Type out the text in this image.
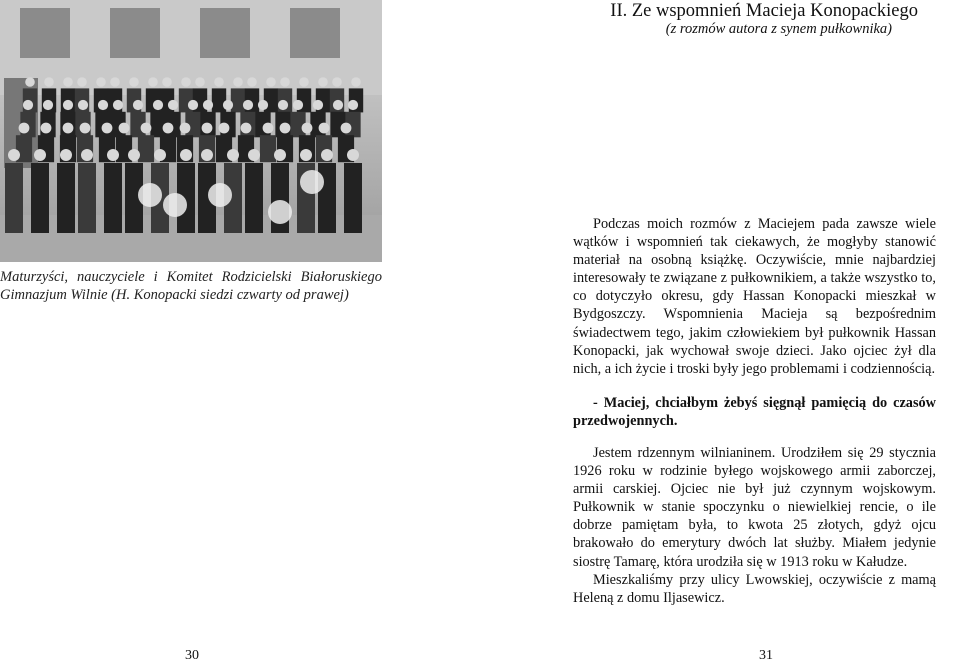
Maturzyści, nauczyciele i Komitet Rodzicielski Białoruskiego Gimnazjum Wilnie (H. Konopacki siedzi czwarty od prawej)
30
II. Ze wspomnień Macieja Konopackiego
(z rozmów autora z synem pułkownika)

Podczas moich rozmów z Maciejem pada zawsze wiele wątków i wspomnień tak ciekawych, że mogłyby stanowić materiał na osobną książkę. Oczywiście, mnie najbardziej interesowały te związane z pułkownikiem, a także wszystko to, co dotyczyło okresu, gdy Hassan Konopacki mieszkał w Bydgoszczy. Wspomnienia Macieja są bezpośrednim świadectwem tego, jakim człowiekiem był pułkownik Hassan Konopacki, jak wychował swoje dzieci. Jako ojciec żył dla nich, a ich życie i troski były jego problemami i codziennością.

- Maciej, chciałbym żebyś sięgnął pamięcią do czasów przedwojennych.

Jestem rdzennym wilnianinem. Urodziłem się 29 stycznia 1926 roku w rodzinie byłego wojskowego armii zaborczej, armii carskiej. Ojciec nie był już czynnym wojskowym. Pułkownik w stanie spoczynku o niewielkiej rencie, o ile dobrze pamiętam była, to kwota 25 złotych, gdyż ojcu brakowało do emerytury dwóch lat służby. Miałem jedynie siostrę Tamarę, która urodziła się w 1913 roku w Kałudze.

Mieszkaliśmy przy ulicy Lwowskiej, oczywiście z mamą Heleną z domu Iljasewicz.

31
